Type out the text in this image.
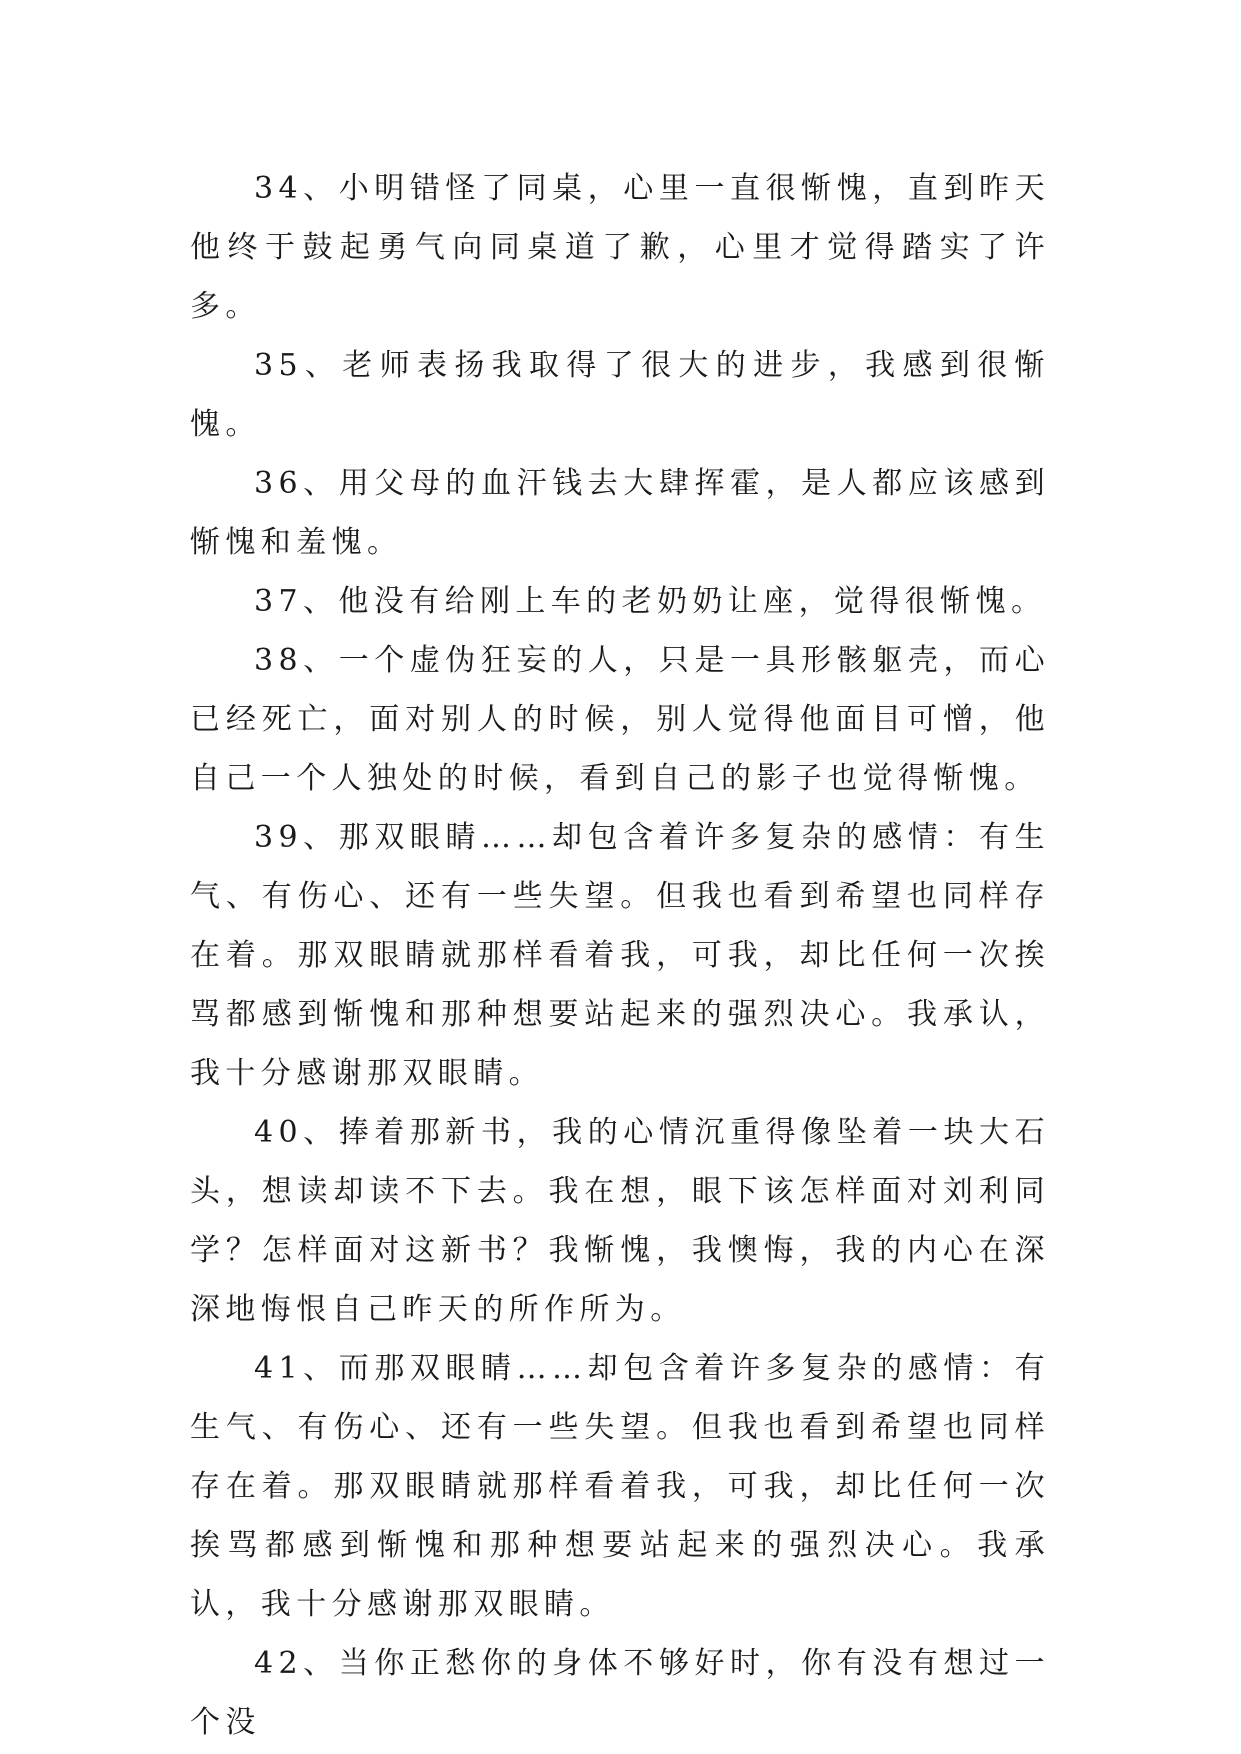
34、小明错怪了同桌，心里一直很惭愧，直到昨天他终于鼓起勇气向同桌道了歉，心里才觉得踏实了许多。

35、老师表扬我取得了很大的进步，我感到很惭愧。

36、用父母的血汗钱去大肆挥霍，是人都应该感到惭愧和羞愧。

37、他没有给刚上车的老奶奶让座，觉得很惭愧。

38、一个虚伪狂妄的人，只是一具形骸躯壳，而心已经死亡，面对别人的时候，别人觉得他面目可憎，他自己一个人独处的时候，看到自己的影子也觉得惭愧。

39、那双眼睛……却包含着许多复杂的感情：有生气、有伤心、还有一些失望。但我也看到希望也同样存在着。那双眼睛就那样看着我，可我，却比任何一次挨骂都感到惭愧和那种想要站起来的强烈决心。我承认，我十分感谢那双眼睛。

40、捧着那新书，我的心情沉重得像坠着一块大石头，想读却读不下去。我在想，眼下该怎样面对刘利同学？怎样面对这新书？我惭愧，我懊悔，我的内心在深深地悔恨自己昨天的所作所为。

41、而那双眼睛……却包含着许多复杂的感情：有生气、有伤心、还有一些失望。但我也看到希望也同样存在着。那双眼睛就那样看着我，可我，却比任何一次挨骂都感到惭愧和那种想要站起来的强烈决心。我承认，我十分感谢那双眼睛。

42、当你正愁你的身体不够好时，你有没有想过一个没
